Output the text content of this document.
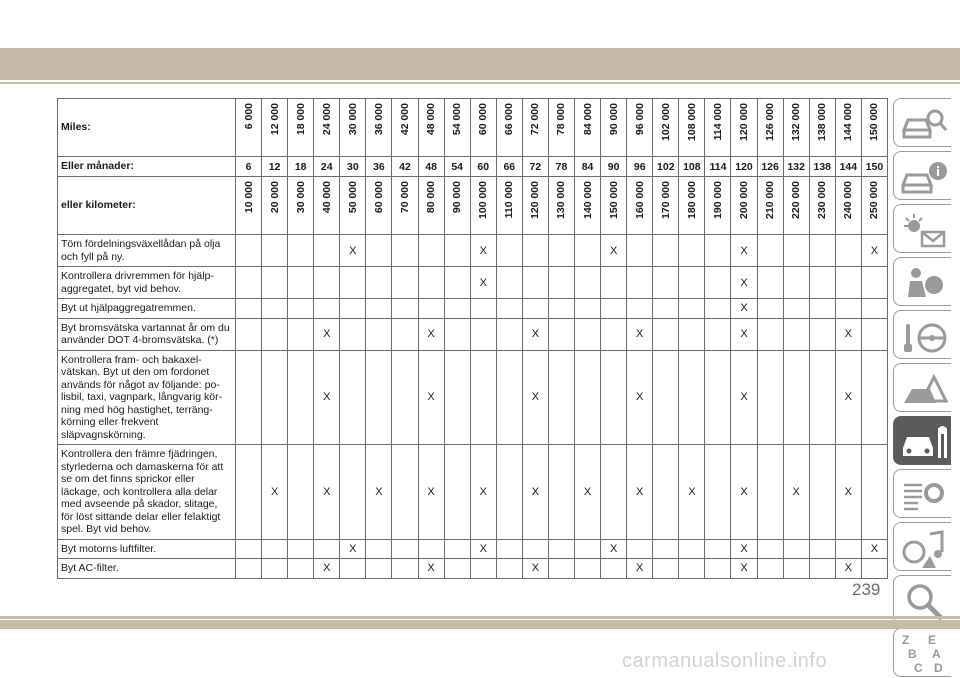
Miles:	6 000	12 000	18 000	24 000	30 000	36 000	42 000	48 000	54 000	60 000	66 000	72 000	78 000	84 000	90 000	96 000	102 000	108 000	114 000	120 000	126 000	132 000	138 000	144 000	150 000

Eller månader:	6	12	18	24	30	36	42	48	54	60	66	72	78	84	90	96	102	108	114	120	126	132	138	144	150
eller kilometer:	10 000	20 000	30 000	40 000	50 000	60 000	70 000	80 000	90 000	100 000	110 000	120 000	130 000	140 000	150 000	160 000	170 000	180 000	190 000	200 000	210 000	220 000	230 000	240 000	250 000

Töm fördelningsväxellådan på olja och fyll på ny.					X					X					X					X					X
Kontrollera drivremmen för hjälp-aggregatet, byt vid behov.										X										X					
Byt ut hjälpaggregatremmen.																				X					
Byt bromsvätska vartannat år om du använder DOT 4-bromsvätska. (*)				X				X				X				X				X				X	
Kontrollera fram- och bakaxel-vätskan. Byt ut den om fordonet används för något av följande: po-lisbil, taxi, vagnpark, långvarig kör-ning med hög hastighet, terräng-körning eller frekvent släpvagnskörning.				X				X				X				X				X				X	
Kontrollera den främre fjädringen, styrlederna och damaskerna för att se om det finns sprickor eller läckage, och kontrollera alla delar med avseende på skador, slitage, för löst sittande delar eller felaktigt spel. Byt vid behov.		X		X		X		X		X		X		X		X		X		X		X		X	
Byt motorns luftfilter.					X					X					X					X					X
Byt AC-filter.				X				X				X				X				X				X	
Z E
B A
C D
239
carmanualsonline.info
